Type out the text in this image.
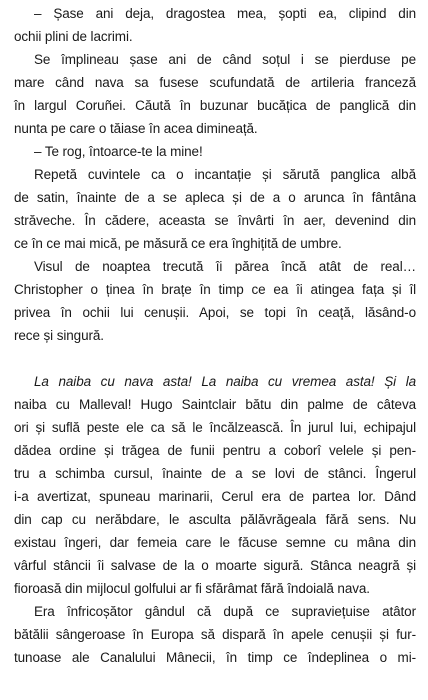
– Șase ani deja, dragostea mea, șopti ea, clipind din
ochii plini de lacrimi.
Se împlineau șase ani de când soțul i se pierduse pe
mare când nava sa fusese scufundată de artileria franceză
în largul Coruñei. Căută în buzunar bucățica de panglică din
nunta pe care o tăiase în acea dimineață.
– Te rog, întoarce-te la mine!
Repetă cuvintele ca o incantație și sărută panglica albă
de satin, înainte de a se apleca și de a o arunca în fântâna
străveche. În cădere, aceasta se învârti în aer, devenind din
ce în ce mai mică, pe măsură ce era înghițită de umbre.
Visul de noaptea trecută îi părea încă atât de real…
Christopher o ținea în brațe în timp ce ea îi atingea fața și îl
privea în ochii lui cenușii. Apoi, se topi în ceață, lăsând-o
rece și singură.
La naiba cu nava asta! La naiba cu vremea asta! Și la
naiba cu Malleval! Hugo Saintclair bătu din palme de câteva
ori și suflă peste ele ca să le încălzească. În jurul lui, echipajul
dădea ordine și trăgea de funii pentru a coborî velele și pen-
tru a schimba cursul, înainte de a se lovi de stânci. Îngerul
i-a avertizat, spuneau marinarii, Cerul era de partea lor. Dând
din cap cu nerăbdare, le asculta pălăvrăgeala fără sens. Nu
existau îngeri, dar femeia care le făcuse semne cu mâna din
vârful stâncii îi salvase de la o moarte sigură. Stânca neagră și
fioroasă din mijlocul golfului ar fi sfărâmat fără îndoială nava.
Era înfricoșător gândul că după ce supraviețuise atâtor
bătălii sângeroase în Europa să dispară în apele cenușii și fur-
tunoase ale Canalului Mânecii, în timp ce îndeplinea o mi-
